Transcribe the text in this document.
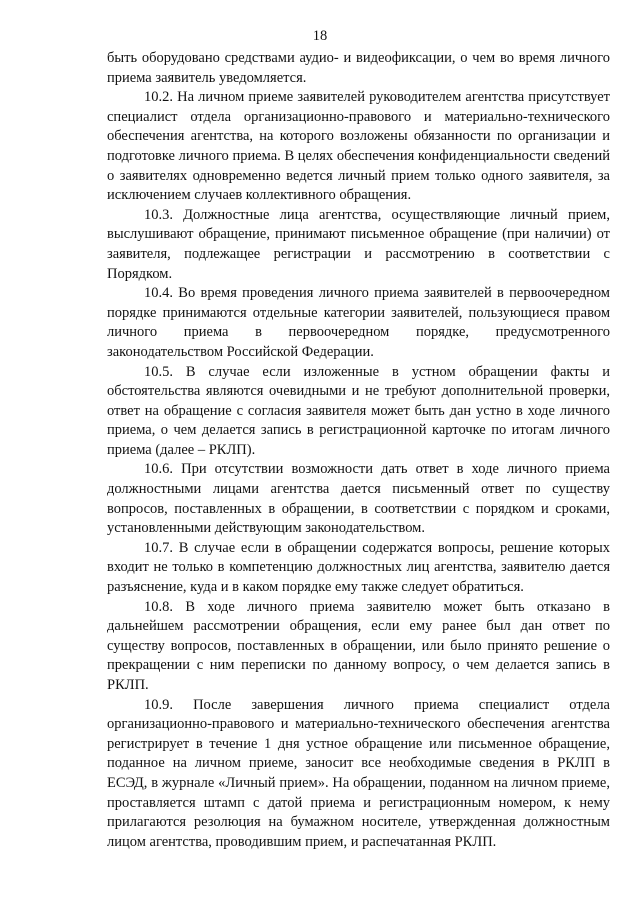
18

быть оборудовано средствами аудио- и видеофиксации, о чем во время личного приема заявитель уведомляется.

10.2. На личном приеме заявителей руководителем агентства присутствует специалист отдела организационно-правового и материально-технического обеспечения агентства, на которого возложены обязанности по организации и подготовке личного приема. В целях обеспечения конфиденциальности сведений о заявителях одновременно ведется личный прием только одного заявителя, за исключением случаев коллективного обращения.

10.3. Должностные лица агентства, осуществляющие личный прием, выслушивают обращение, принимают письменное обращение (при наличии) от заявителя, подлежащее регистрации и рассмотрению в соответствии с Порядком.

10.4. Во время проведения личного приема заявителей в первоочередном порядке принимаются отдельные категории заявителей, пользующиеся правом личного приема в первоочередном порядке, предусмотренного законодательством Российской Федерации.

10.5. В случае если изложенные в устном обращении факты и обстоятельства являются очевидными и не требуют дополнительной проверки, ответ на обращение с согласия заявителя может быть дан устно в ходе личного приема, о чем делается запись в регистрационной карточке по итогам личного приема (далее – РКЛП).

10.6. При отсутствии возможности дать ответ в ходе личного приема должностными лицами агентства дается письменный ответ по существу вопросов, поставленных в обращении, в соответствии с порядком и сроками, установленными действующим законодательством.

10.7. В случае если в обращении содержатся вопросы, решение которых входит не только в компетенцию должностных лиц агентства, заявителю дается разъяснение, куда и в каком порядке ему также следует обратиться.

10.8. В ходе личного приема заявителю может быть отказано в дальнейшем рассмотрении обращения, если ему ранее был дан ответ по существу вопросов, поставленных в обращении, или было принято решение о прекращении с ним переписки по данному вопросу, о чем делается запись в РКЛП.

10.9. После завершения личного приема специалист отдела организационно-правового и материально-технического обеспечения агентства регистрирует в течение 1 дня устное обращение или письменное обращение, поданное на личном приеме, заносит все необходимые сведения в РКЛП в ЕСЭД, в журнале «Личный прием». На обращении, поданном на личном приеме, проставляется штамп с датой приема и регистрационным номером, к нему прилагаются резолюция на бумажном носителе, утвержденная должностным лицом агентства, проводившим прием, и распечатанная РКЛП.
